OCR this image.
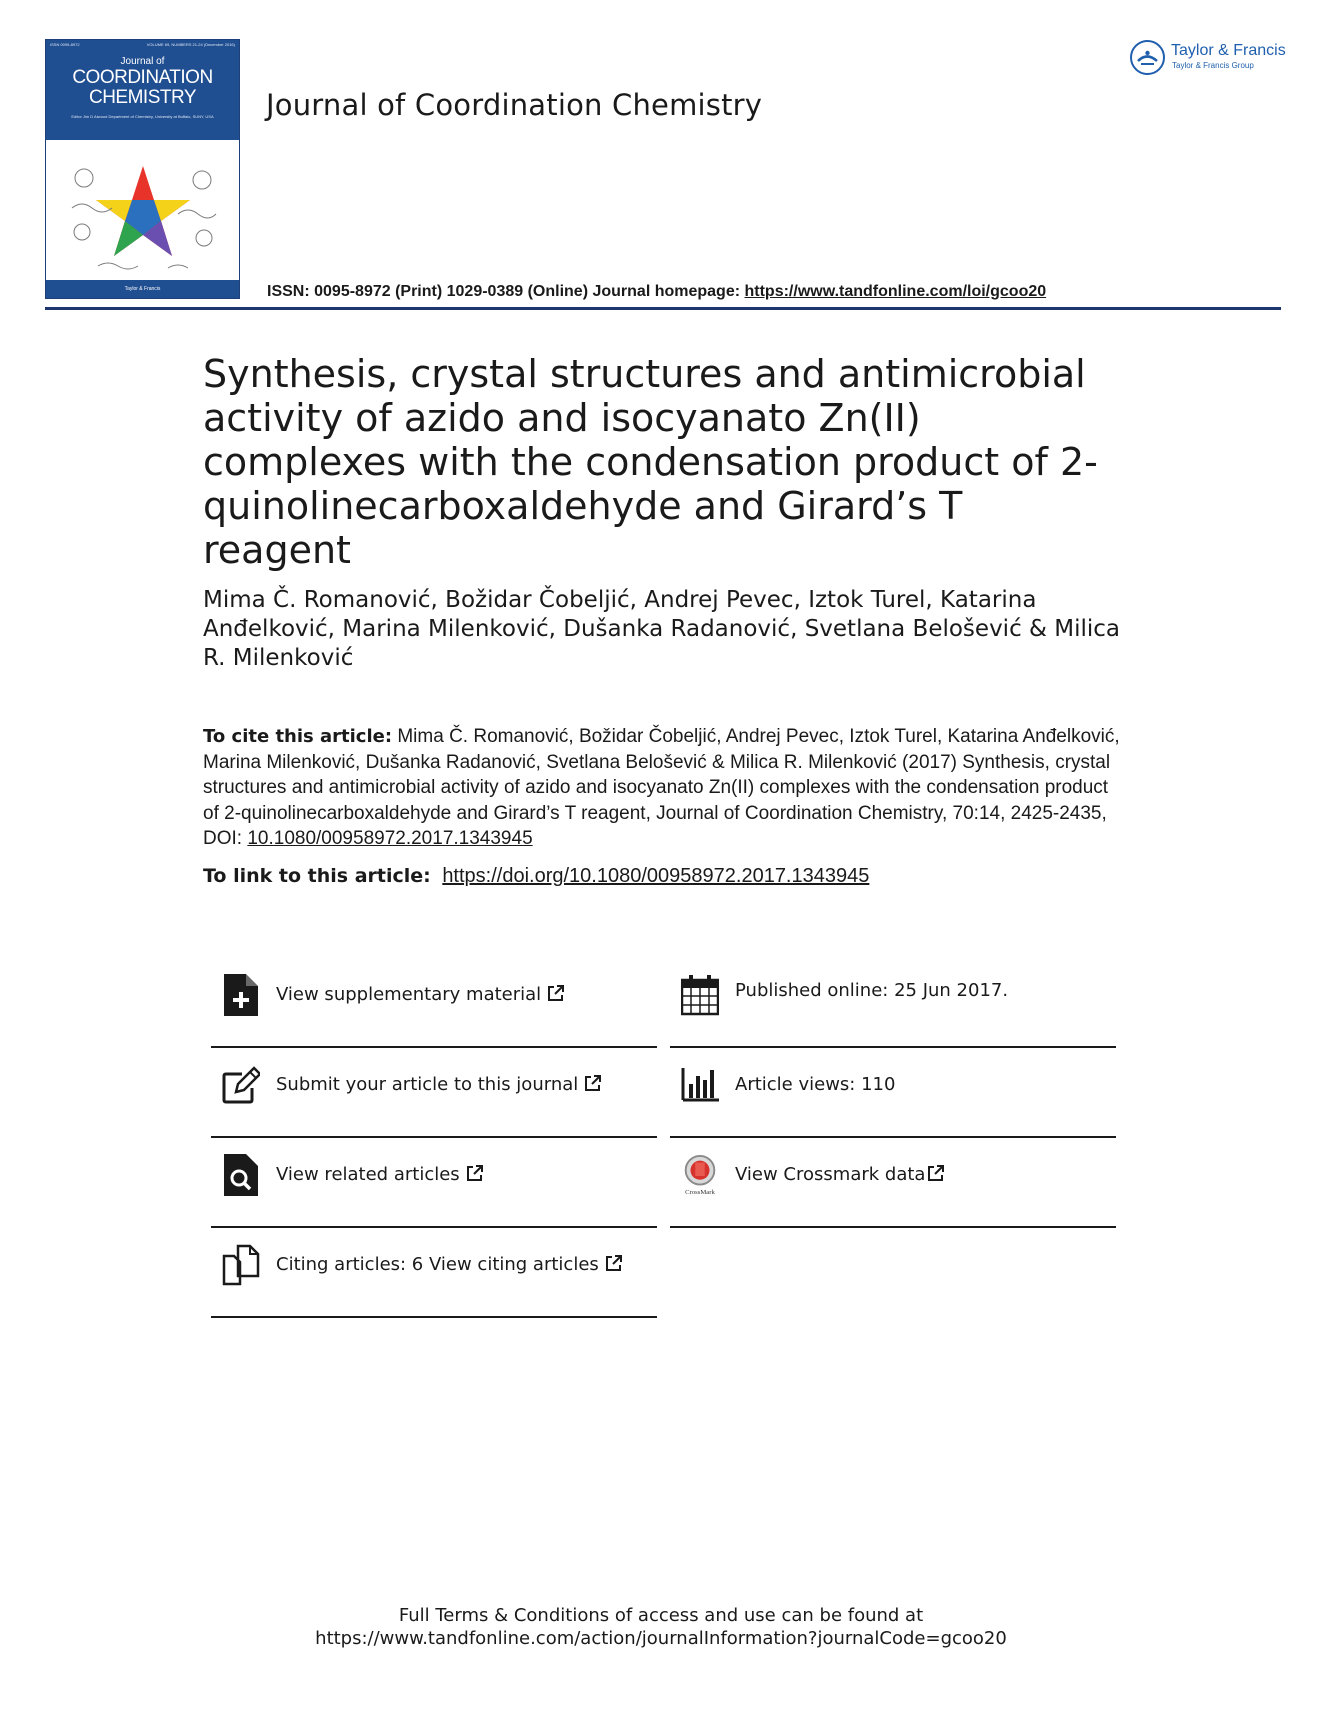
ISSN 0095-8972	VOLUME 69, NUMBERS 21-24 (December 2016)
Journal of
COORDINATION
CHEMISTRY
Editor Jim D Atwood Department of Chemistry, University at Buffalo, SUNY, USA
Taylor & Francis
Journal of Coordination Chemistry
ISSN: 0095-8972 (Print) 1029-0389 (Online) Journal homepage: https://www.tandfonline.com/loi/gcoo20
Taylor & Francis
Taylor & Francis Group
Synthesis, crystal structures and antimicrobial activity of azido and isocyanato Zn(II) complexes with the condensation product of 2-quinolinecarboxaldehyde and Girard’s T reagent
Mima Č. Romanović, Božidar Čobeljić, Andrej Pevec, Iztok Turel, Katarina Anđelković, Marina Milenković, Dušanka Radanović, Svetlana Belošević & Milica R. Milenković
To cite this article: Mima Č. Romanović, Božidar Čobeljić, Andrej Pevec, Iztok Turel, Katarina Anđelković, Marina Milenković, Dušanka Radanović, Svetlana Belošević & Milica R. Milenković (2017) Synthesis, crystal structures and antimicrobial activity of azido and isocyanato Zn(II) complexes with the condensation product of 2-quinolinecarboxaldehyde and Girard’s T reagent, Journal of Coordination Chemistry, 70:14, 2425-2435, DOI: 10.1080/00958972.2017.1343945
To link to this article: https://doi.org/10.1080/00958972.2017.1343945
View supplementary material	Published online: 25 Jun 2017.
Submit your article to this journal	Article views: 110
View related articles
CrossMark
View Crossmark data
Citing articles: 6 View citing articles
Full Terms & Conditions of access and use can be found at
https://www.tandfonline.com/action/journalInformation?journalCode=gcoo20
